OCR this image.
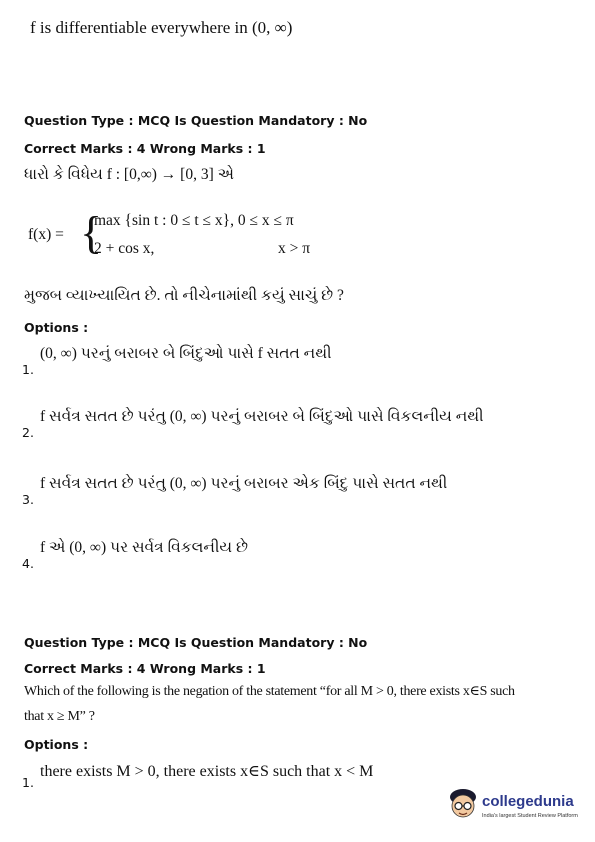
f is differentiable everywhere in (0, ∞)
Question Type : MCQ Is Question Mandatory : No
Correct Marks : 4 Wrong Marks : 1
ધારો કે વિધેય f : [0,∞) → [0, 3] એ
f(x) = {
max {sin t : 0 ≤ t ≤ x}, 0 ≤ x ≤ π
2 + cos x,	x > π
મુજબ વ્યાખ્યાયિત છે. તો નીચેનામાંથી કયું સાચું છે ?
Options :
1.
(0, ∞) પરનું બરાબર બે બિંદુઓ પાસે f સતત નથી
2.
f સર્વત્ર સતત છે પરંતુ (0, ∞) પરનું બરાબર બે બિંદુઓ પાસે વિકલનીય નથી
3.
f સર્વત્ર સતત છે પરંતુ (0, ∞) પરનું બરાબર એક બિંદુ પાસે સતત નથી
4.
f એ (0, ∞) પર સર્વત્ર વિકલનીય છે
Question Type : MCQ Is Question Mandatory : No
Correct Marks : 4 Wrong Marks : 1
Which of the following is the negation of the statement “for all M > 0, there exists x∈S such
that x ≥ M” ?
Options :
1.
there exists M > 0, there exists x∈S such that x < M
collegedunia
India's largest Student Review Platform
